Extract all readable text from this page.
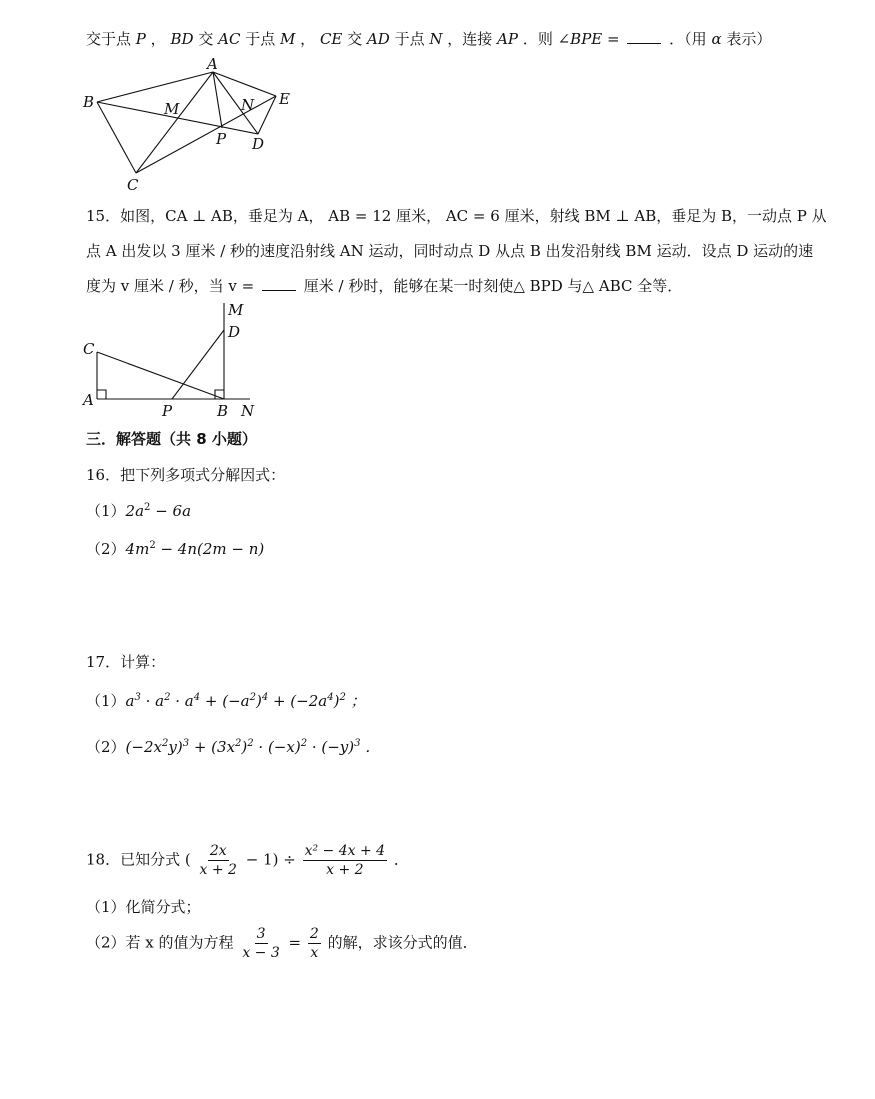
交于点 P ， BD 交 AC 于点 M ， CE 交 AD 于点 N ，连接 AP ．则 ∠BPE =	．（用 α 表示）
A
B
C
D
E
M	N
P
15．如图，CA ⊥ AB，垂足为 A， AB = 12 厘米， AC = 6 厘米，射线 BM ⊥ AB，垂足为 B，一动点 P 从
点 A 出发以 3 厘米 / 秒的速度沿射线 AN 运动，同时动点 D 从点 B 出发沿射线 BM 运动．设点 D 运动的速
度为 v 厘米 / 秒，当 v =	厘米 / 秒时，能够在某一时刻使△ BPD 与△ ABC 全等．
M
D
C
A
P	B N
三．解答题（共 8 小题）
16．把下列多项式分解因式：
$(1)2a^2 - 6a$
$(2)4m^2 - 4n(2m - n)$
17．计算：
$(1)a^3 \cdot a^2 \cdot a^4 + (-a^2)^4 + (-2a^4)^2$ ；
$(2)(-2x^2y)^3 + (3x^2)^2 \cdot (-x)^2 \cdot (-y)^3$ ．
18．已知分式 ( $\frac{2x}{x + 2} - 1) \div \frac{\text{x² − 4x + 4}}{x + 2}$ ．
（1）化简分式；
（2）若 x 的值为方程 $\frac{3}{x - 3} = \frac{2}{x}$ 的解，求该分式的值．
